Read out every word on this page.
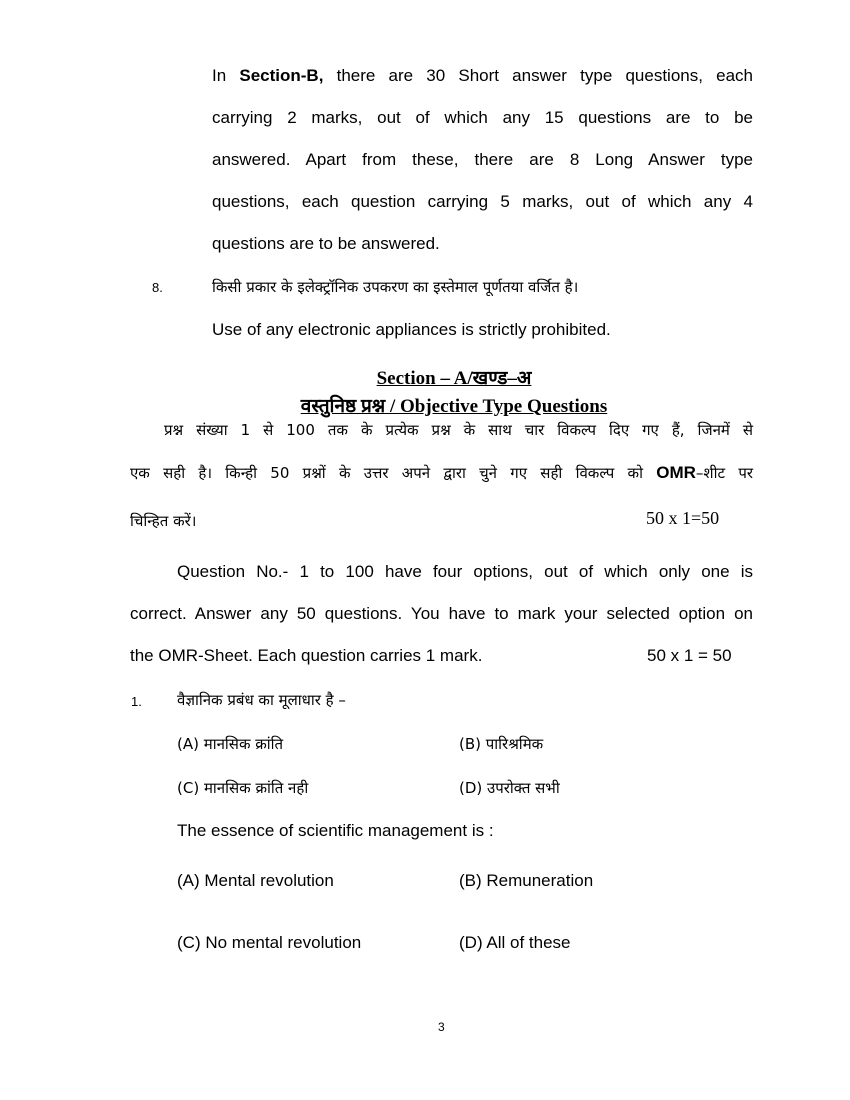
In Section-B, there are 30 Short answer type questions, each
carrying 2 marks, out of which any 15 questions are to be
answered. Apart from these, there are 8 Long Answer type
questions, each question carrying 5 marks, out of which any 4
questions are to be answered.
8.	किसी प्रकार के इलेक्ट्रॉनिक उपकरण का इस्तेमाल पूर्णतया वर्जित है।
Use of any electronic appliances is strictly prohibited.
Section – A/खण्ड–अ
वस्तुनिष्ठ प्रश्न / Objective Type Questions
प्रश्न संख्या 1 से 100 तक के प्रत्येक प्रश्न के साथ चार विकल्प दिए गए हैं, जिनमें से
एक सही है। किन्ही 50 प्रश्नों के उत्तर अपने द्वारा चुने गए सही विकल्प को OMR–शीट पर
चिन्हित करें।	50 x 1=50
Question No.- 1 to 100 have four options, out of which only one is
correct. Answer any 50 questions. You have to mark your selected option on
the OMR-Sheet. Each question carries 1 mark.	50 x 1 = 50
1. वैज्ञानिक प्रबंध का मूलाधार है –
(A) मानसिक क्रांति	(B) पारिश्रमिक
(C) मानसिक क्रांति नही	(D) उपरोक्त सभी
The essence of scientific management is :
(A) Mental revolution	(B) Remuneration
(C) No mental revolution	(D) All of these
3
